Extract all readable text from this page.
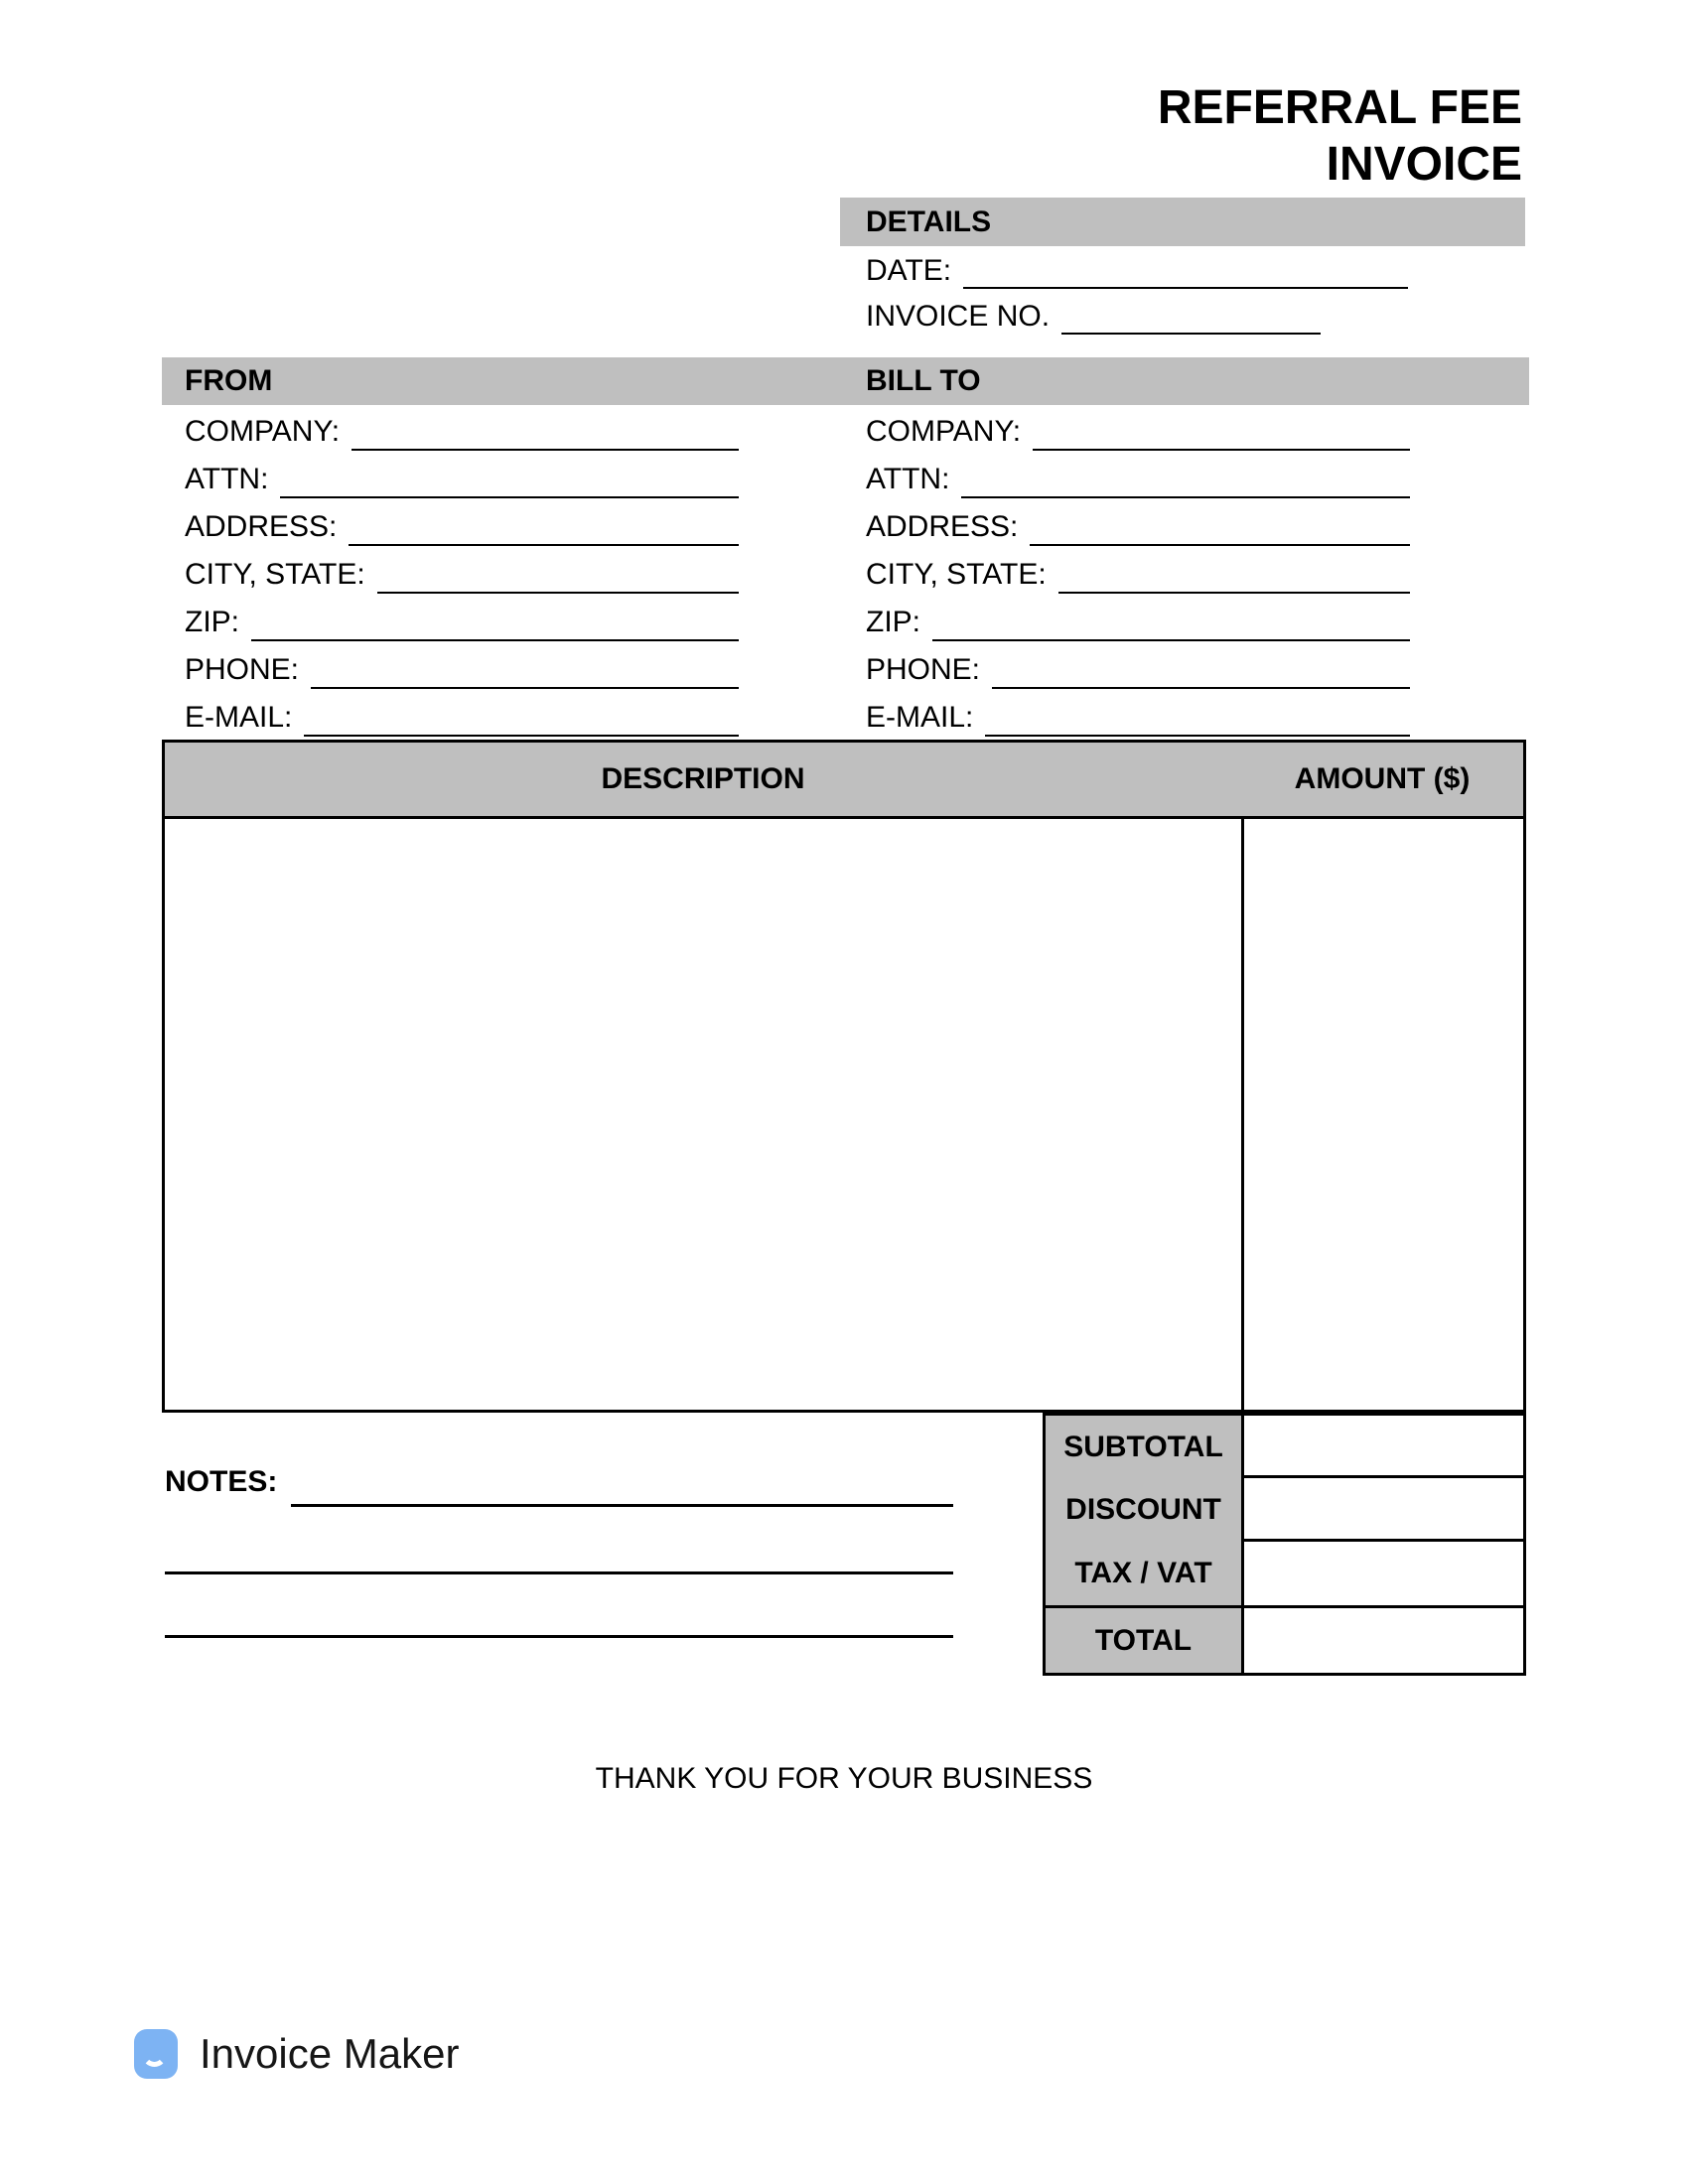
REFERRAL FEE
INVOICE
DETAILS
DATE:
INVOICE NO.
FROM	BILL TO
COMPANY:
ATTN:
ADDRESS:
CITY, STATE:
ZIP:
PHONE:
E-MAIL:
COMPANY:
ATTN:
ADDRESS:
CITY, STATE:
ZIP:
PHONE:
E-MAIL:
DESCRIPTION	AMOUNT ($)
SUBTOTAL
DISCOUNT
TAX / VAT
TOTAL
NOTES:
THANK YOU FOR YOUR BUSINESS
Invoice Maker
